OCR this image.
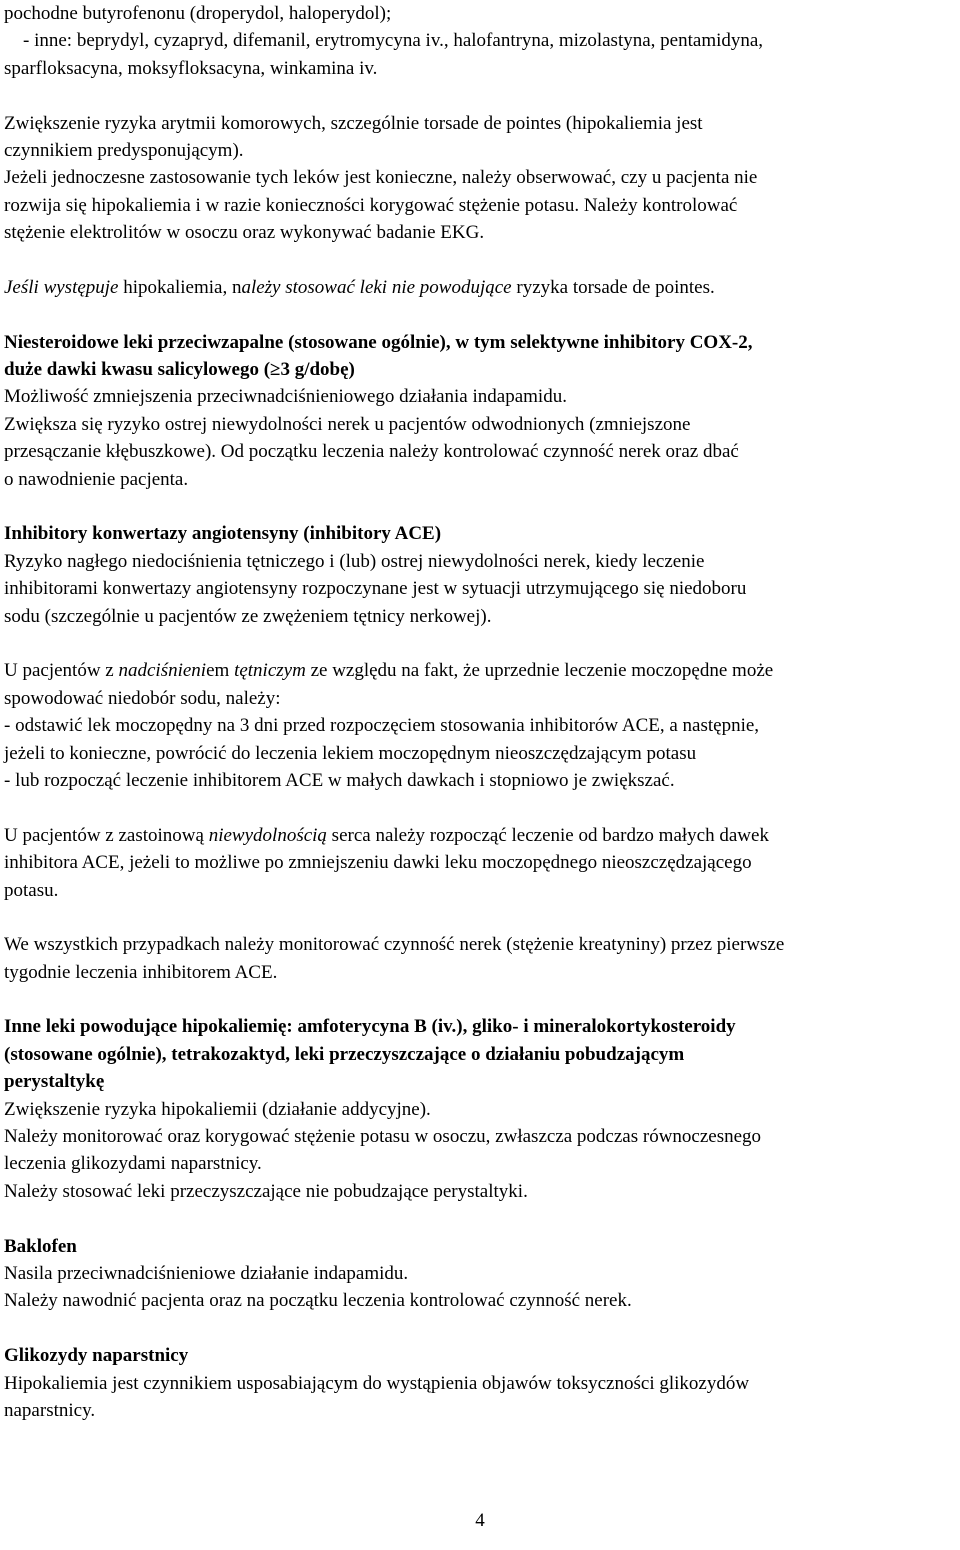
pochodne butyrofenonu (droperydol, haloperydol);
- inne: beprydyl, cyzapryd, difemanil, erytromycyna iv., halofantryna, mizolastyna, pentamidyna,
sparfloksacyna, moksyfloksacyna, winkamina iv.
Zwiększenie ryzyka arytmii komorowych, szczególnie torsade de pointes (hipokaliemia jest
czynnikiem predysponującym).
Jeżeli jednoczesne zastosowanie tych leków jest konieczne, należy obserwować, czy u pacjenta nie
rozwija się hipokaliemia i w razie konieczności korygować stężenie potasu. Należy kontrolować
stężenie elektrolitów w osoczu oraz wykonywać badanie EKG.
Jeśli występuje hipokaliemia, należy stosować leki nie powodujące ryzyka torsade de pointes.
Niesteroidowe leki przeciwzapalne (stosowane ogólnie), w tym selektywne inhibitory COX-2,
duże dawki kwasu salicylowego (≥3 g/dobę)
Możliwość zmniejszenia przeciwnadciśnieniowego działania indapamidu.
Zwiększa się ryzyko ostrej niewydolności nerek u pacjentów odwodnionych (zmniejszone
przesączanie kłębuszkowe). Od początku leczenia należy kontrolować czynność nerek oraz dbać
o nawodnienie pacjenta.
Inhibitory konwertazy angiotensyny (inhibitory ACE)
Ryzyko nagłego niedociśnienia tętniczego i (lub) ostrej niewydolności nerek, kiedy leczenie
inhibitorami konwertazy angiotensyny rozpoczynane jest w sytuacji utrzymującego się niedoboru
sodu (szczególnie u pacjentów ze zwężeniem tętnicy nerkowej).
U pacjentów z nadciśnieniem tętniczym ze względu na fakt, że uprzednie leczenie moczopędne może
spowodować niedobór sodu, należy:
- odstawić lek moczopędny na 3 dni przed rozpoczęciem stosowania inhibitorów ACE, a następnie,
jeżeli to konieczne, powrócić do leczenia lekiem moczopędnym nieoszczędzającym potasu
- lub rozpocząć leczenie inhibitorem ACE w małych dawkach i stopniowo je zwiększać.
U pacjentów z zastoinową niewydolnością serca należy rozpocząć leczenie od bardzo małych dawek
inhibitora ACE, jeżeli to możliwe po zmniejszeniu dawki leku moczopędnego nieoszczędzającego
potasu.
We wszystkich przypadkach należy monitorować czynność nerek (stężenie kreatyniny) przez pierwsze
tygodnie leczenia inhibitorem ACE.
Inne leki powodujące hipokaliemię: amfoterycyna B (iv.), gliko- i mineralokortykosteroidy
(stosowane ogólnie), tetrakozaktyd, leki przeczyszczające o działaniu pobudzającym
perystaltykę
Zwiększenie ryzyka hipokaliemii (działanie addycyjne).
Należy monitorować oraz korygować stężenie potasu w osoczu, zwłaszcza podczas równoczesnego
leczenia glikozydami naparstnicy.
Należy stosować leki przeczyszczające nie pobudzające perystaltyki.
Baklofen
Nasila przeciwnadciśnieniowe działanie indapamidu.
Należy nawodnić pacjenta oraz na początku leczenia kontrolować czynność nerek.
Glikozydy naparstnicy
Hipokaliemia jest czynnikiem usposabiającym do wystąpienia objawów toksyczności glikozydów
naparstnicy.
4
